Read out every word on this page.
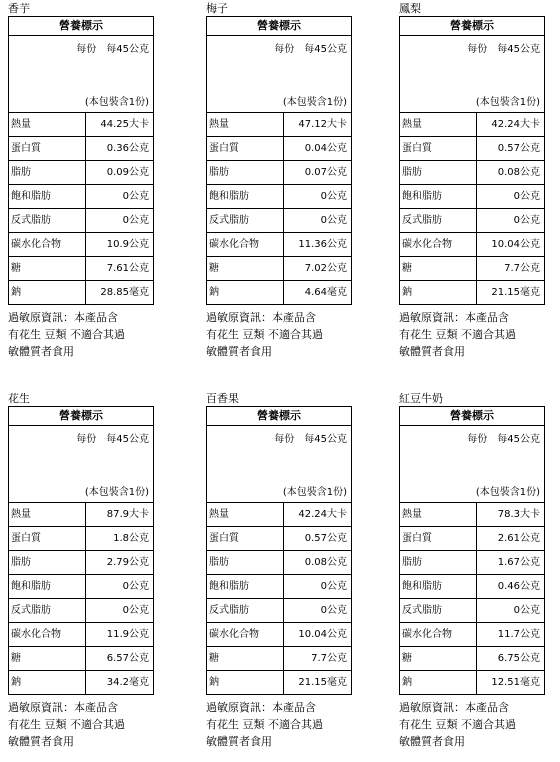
香芋
營養標示
每份　每45公克
(本包裝含1份)
熱量	44.25大卡
蛋白質	0.36公克
脂肪	0.09公克
飽和脂肪	0公克
反式脂肪	0公克
碳水化合物	10.9公克
糖	7.61公克
鈉	28.85毫克
過敏原資訊：本產品含
有花生 豆類 不適合其過
敏體質者食用
梅子
營養標示
每份　每45公克
(本包裝含1份)
熱量	47.12大卡
蛋白質	0.04公克
脂肪	0.07公克
飽和脂肪	0公克
反式脂肪	0公克
碳水化合物	11.36公克
糖	7.02公克
鈉	4.64毫克
過敏原資訊：本產品含
有花生 豆類 不適合其過
敏體質者食用
鳳梨
營養標示
每份　每45公克
(本包裝含1份)
熱量	42.24大卡
蛋白質	0.57公克
脂肪	0.08公克
飽和脂肪	0公克
反式脂肪	0公克
碳水化合物	10.04公克
糖	7.7公克
鈉	21.15毫克
過敏原資訊：本產品含
有花生 豆類 不適合其過
敏體質者食用
花生
營養標示
每份　每45公克
(本包裝含1份)
熱量	87.9大卡
蛋白質	1.8公克
脂肪	2.79公克
飽和脂肪	0公克
反式脂肪	0公克
碳水化合物	11.9公克
糖	6.57公克
鈉	34.2毫克
過敏原資訊：本產品含
有花生 豆類 不適合其過
敏體質者食用
百香果
營養標示
每份　每45公克
(本包裝含1份)
熱量	42.24大卡
蛋白質	0.57公克
脂肪	0.08公克
飽和脂肪	0公克
反式脂肪	0公克
碳水化合物	10.04公克
糖	7.7公克
鈉	21.15毫克
過敏原資訊：本產品含
有花生 豆類 不適合其過
敏體質者食用
紅豆牛奶
營養標示
每份　每45公克
(本包裝含1份)
熱量	78.3大卡
蛋白質	2.61公克
脂肪	1.67公克
飽和脂肪	0.46公克
反式脂肪	0公克
碳水化合物	11.7公克
糖	6.75公克
鈉	12.51毫克
過敏原資訊：本產品含
有花生 豆類 不適合其過
敏體質者食用
